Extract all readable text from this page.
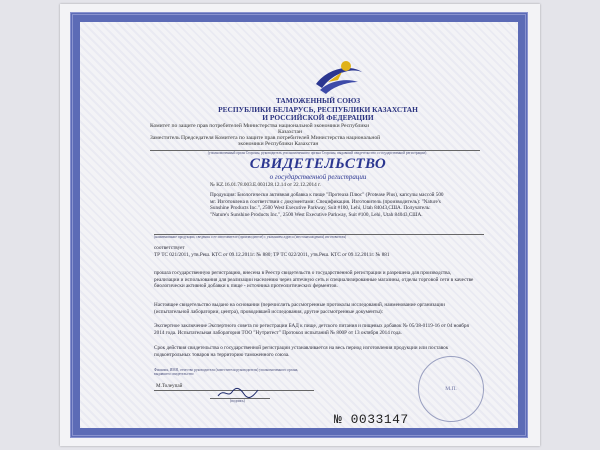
ТАМОЖЕННЫЙ СОЮЗ
РЕСПУБЛИКИ БЕЛАРУСЬ, РЕСПУБЛИКИ КАЗАХСТАН
И РОССИЙСКОЙ ФЕДЕРАЦИИ
Комитет по защите прав потребителей Министерства национальной экономики Республики
Казахстан
Заместитель Председателя Комитета по защите прав потребителей Министерства национальной
экономики Республики Казахстан
(уполномоченный орган Стороны, руководитель уполномоченного органа Стороны, выдавший свидетельство о государственной регистрации)
СВИДЕТЕЛЬСТВО
о государственной регистрации
№ KZ.16.01.78.003.Е.003128.12.14 от 22.12.2014 г.
Продукция: Биологически активная добавка к пище "Протеаза Плюс" (Protease Plus), капсулы массой 500 мг. Изготовлена в соответствии с документами: Спецификация. Изготовитель (производитель): "Nature's Sunshine Products Inc.", 2500 West Executive Parkway, Suit #100, Lehi, Utah 84043,США. Получатель: "Nature's Sunshine Products Inc.", 2500 West Executive Parkway, Suit #100, Lehi, Utah 84043,США.
(наименование продукции, сведения о ее изготовителе (производителе) с указанием адреса (местонахождения) изготовителя)
соответствует
ТР ТС 021/2011, утв.Реш. КТС от 09.12.2011г. № 880; ТР ТС 022/2011, утв.Реш. КТС от 09.12.2011г. № 881
прошла государственную регистрацию, внесена в Реестр свидетельств о государственной регистрации и разрешена для производства, реализации и использования для реализации населению через аптечную сеть и специализированные магазины, отделы торговой сети в качестве биологически активной добавки к пище - источника протеолитических ферментов.
Настоящее свидетельство выдано на основании (перечислить рассмотренные протоколы исследований, наименование организации (испытательной лаборатории, центра), проводившей исследования, другие рассмотренные документы):
Экспертное заключение Экспертного совета по регистрации БАД к пище, детского питания и пищевых добавок № 05/38-0119-16 от 04 ноября 2014 года. Испытательная лаборатория ТОО "Нутритест" Протокол испытаний № 800Р от 13 октября 2014 года.
Срок действия свидетельства о государственной регистрации устанавливается на весь период изготовления продукции или поставок подконтрольных товаров на территорию таможенного союза.
Фамилия, ИМЯ, отчество руководителя (заместителя руководителя) уполномоченного органа, выдавшего свидетельство
М.Толеупай
(подпись)
М.П.
№ 0033147
